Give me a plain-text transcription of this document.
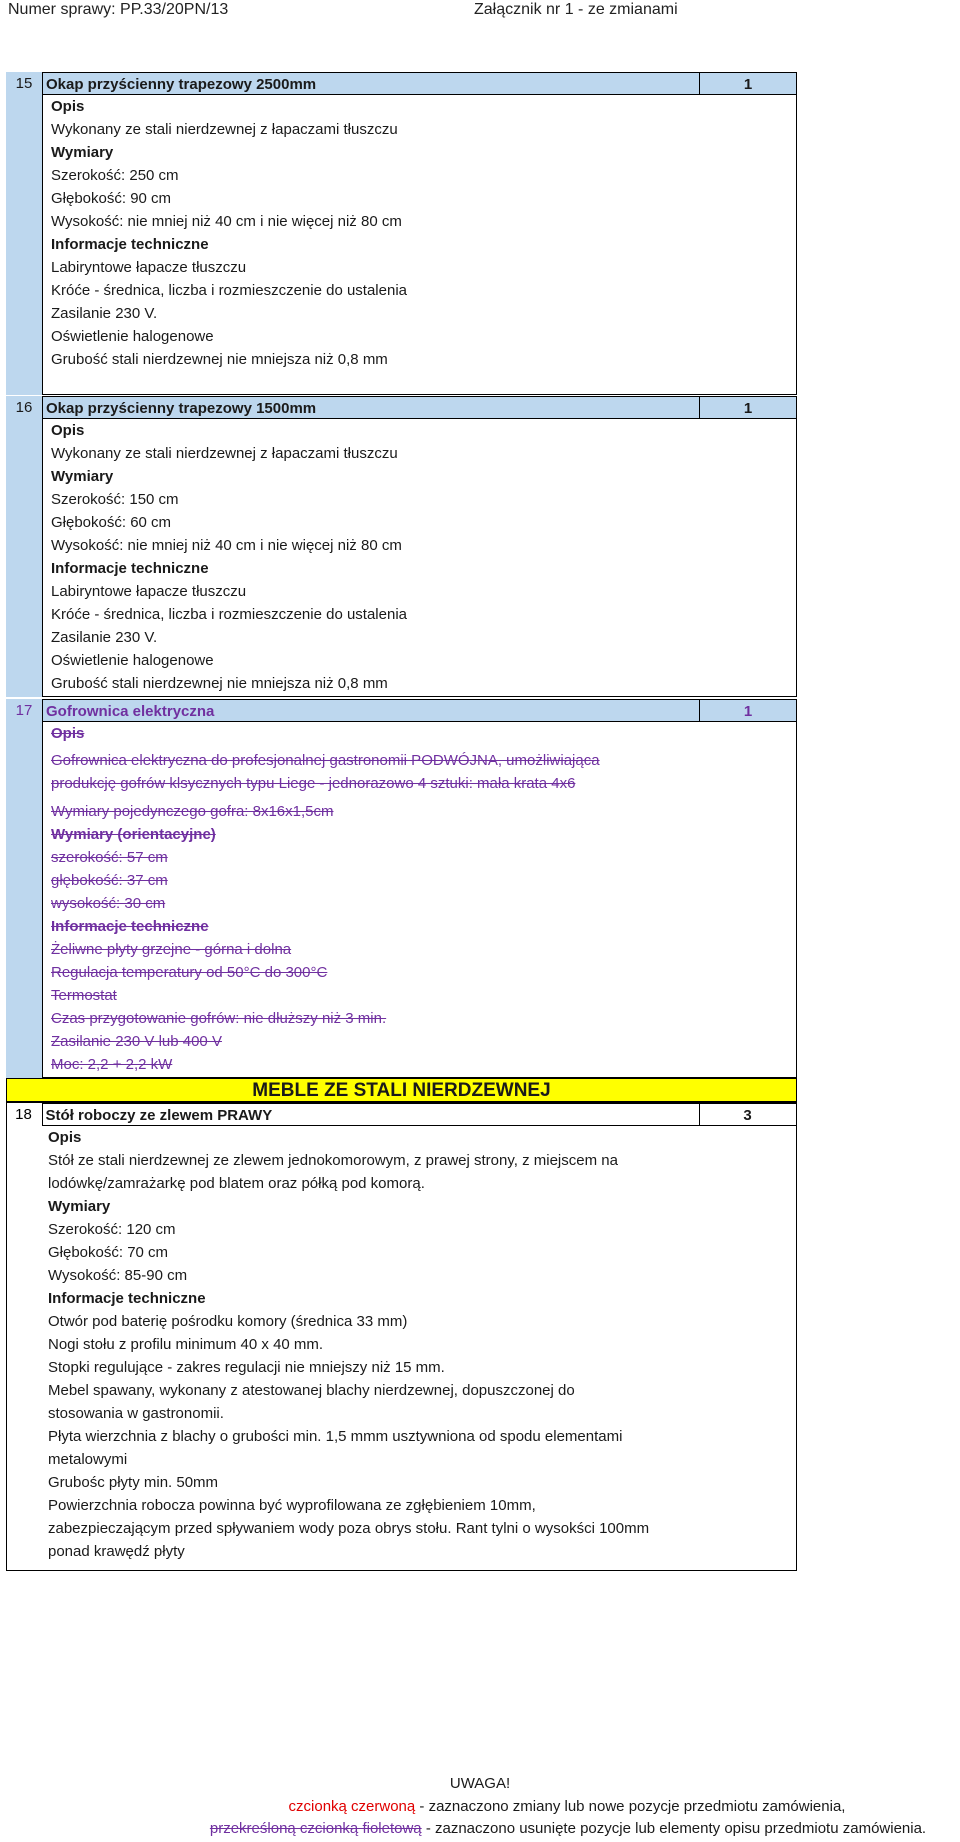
Numer sprawy: PP.33/20PN/13	Załącznik nr 1 - ze zmianami
15 Okap przyścienny trapezowy 2500mm	1
Opis
Wykonany ze stali nierdzewnej z łapaczami tłuszczu
Wymiary
Szerokość: 250 cm
Głębokość: 90 cm
Wysokość: nie mniej niż 40 cm i nie więcej niż 80 cm
Informacje techniczne
Labiryntowe łapacze tłuszczu
Króće - średnica, liczba i rozmieszczenie do ustalenia
Zasilanie 230 V.
Oświetlenie halogenowe
Grubość stali nierdzewnej nie mniejsza niż 0,8 mm
16 Okap przyścienny trapezowy 1500mm	1
Opis
Wykonany ze stali nierdzewnej z łapaczami tłuszczu
Wymiary
Szerokość: 150 cm
Głębokość: 60 cm
Wysokość: nie mniej niż 40 cm i nie więcej niż 80 cm
Informacje techniczne
Labiryntowe łapacze tłuszczu
Króće - średnica, liczba i rozmieszczenie do ustalenia
Zasilanie 230 V.
Oświetlenie halogenowe
Grubość stali nierdzewnej nie mniejsza niż 0,8 mm
17 Gofrownica elektryczna	1
Opis
Gofrownica elektryczna do profesjonalnej gastronomii PODWÓJNA, umożliwiająca
produkcję gofrów klsycznych typu Liege - jednorazowo 4 sztuki: mała krata 4x6
Wymiary pojedynczego gofra: 8x16x1,5cm
Wymiary (orientacyjne)
szerokość: 57 cm
głębokość: 37 cm
wysokość: 30 cm
Informacje techniczne
Żeliwne płyty grzejne - górna i dolna
Regulacja temperatury od 50°C do 300°C
Termostat
Czas przygotowanie gofrów: nie dłuższy niż 3 min.
Zasilanie 230 V lub 400 V
Moc: 2,2 + 2,2 kW
MEBLE ZE STALI NIERDZEWNEJ
18 Stół roboczy ze zlewem PRAWY	3
Opis
Stół ze stali nierdzewnej ze zlewem jednokomorowym, z prawej strony, z miejscem na
lodówkę/zamrażarkę pod blatem oraz półką pod komorą.
Wymiary
Szerokość: 120 cm
Głębokość: 70 cm
Wysokość: 85-90 cm
Informacje techniczne
Otwór pod baterię pośrodku komory (średnica 33 mm)
Nogi stołu z profilu minimum 40 x 40 mm.
Stopki regulujące - zakres regulacji nie mniejszy niż 15 mm.
Mebel spawany, wykonany z atestowanej blachy nierdzewnej, dopuszczonej do
stosowania w gastronomii.
Płyta wierzchnia z blachy o grubości min. 1,5 mmm usztywniona od spodu elementami
metalowymi
Grubośc płyty min. 50mm
Powierzchnia robocza powinna być wyprofilowana ze zgłębieniem 10mm,
zabezpieczającym przed spływaniem wody poza obrys stołu. Rant tylni o wysokści 100mm
ponad krawędź płyty
UWAGA!
czcionką czerwoną - zaznaczono zmiany lub nowe pozycje przedmiotu zamówienia,
przekreśloną czcionką fioletową - zaznaczono usunięte pozycje lub elementy opisu przedmiotu zamówienia.
